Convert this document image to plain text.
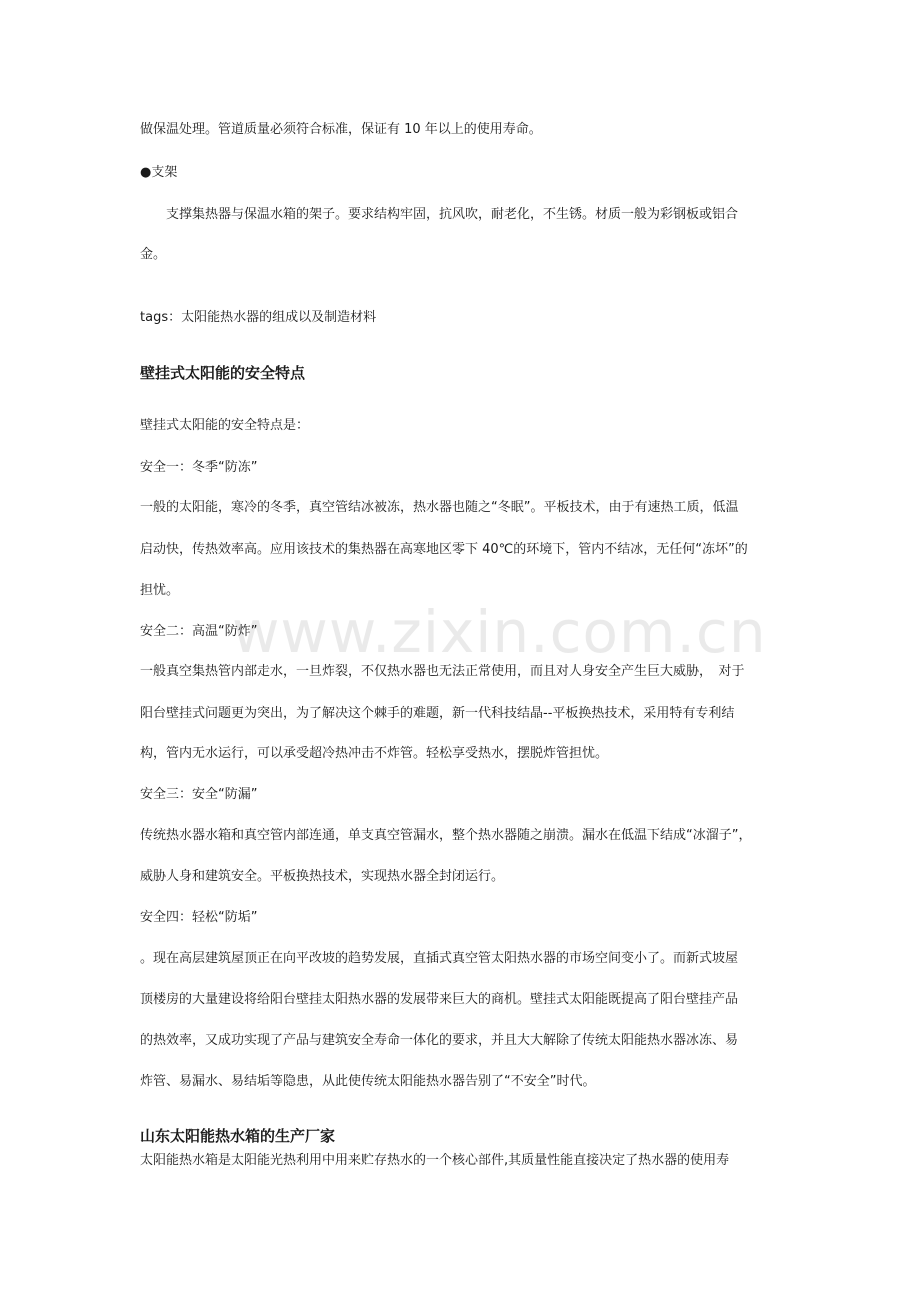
www.zixin.com.cn
做保温处理。管道质量必须符合标准，保证有 10 年以上的使用寿命。
●支架
　　支撑集热器与保温水箱的架子。要求结构牢固，抗风吹，耐老化，不生锈。材质一般为彩钢板或铝合
金。
tags：太阳能热水器的组成以及制造材料
壁挂式太阳能的安全特点
壁挂式太阳能的安全特点是：
安全一：冬季“防冻”
一般的太阳能，寒冷的冬季，真空管结冰被冻，热水器也随之“冬眠”。平板技术，由于有速热工质，低温
启动快，传热效率高。应用该技术的集热器在高寒地区零下 40℃的环境下，管内不结冰，无任何“冻坏”的
担忧。
安全二：高温“防炸”
一般真空集热管内部走水，一旦炸裂，不仅热水器也无法正常使用，而且对人身安全产生巨大威胁，　对于
阳台壁挂式问题更为突出，为了解决这个棘手的难题，新一代科技结晶--平板换热技术，采用特有专利结
构，管内无水运行，可以承受超冷热冲击不炸管。轻松享受热水，摆脱炸管担忧。
安全三：安全“防漏”
传统热水器水箱和真空管内部连通，单支真空管漏水，整个热水器随之崩溃。漏水在低温下结成“冰溜子”，
威胁人身和建筑安全。平板换热技术，实现热水器全封闭运行。
安全四：轻松“防垢”
。现在高层建筑屋顶正在向平改坡的趋势发展，直插式真空管太阳热水器的市场空间变小了。而新式坡屋
顶楼房的大量建设将给阳台壁挂太阳热水器的发展带来巨大的商机。壁挂式太阳能既提高了阳台壁挂产品
的热效率，又成功实现了产品与建筑安全寿命一体化的要求，并且大大解除了传统太阳能热水器冰冻、易
炸管、易漏水、易结垢等隐患，从此使传统太阳能热水器告别了“不安全”时代。
山东太阳能热水箱的生产厂家
太阳能热水箱是太阳能光热利用中用来贮存热水的一个核心部件,其质量性能直接决定了热水器的使用寿
